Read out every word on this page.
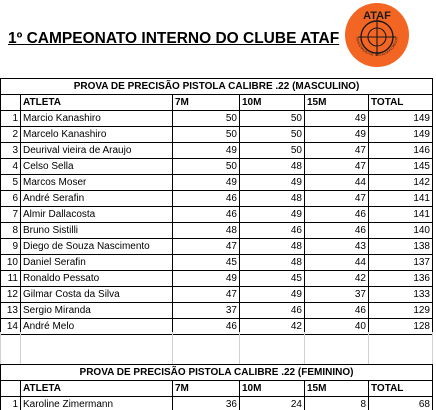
1º CAMPEONATO INTERNO DO CLUBE ATAF
ATAF
ASSOCIAÇÃO DE TIRO ALTA FLORESTA
PROVA DE PRECISÃO PISTOLA CALIBRE .22 (MASCULINO)					
	ATLETA	7M	10M	15M	TOTAL
1	Marcio Kanashiro	50	50	49	149
2	Marcelo Kanashiro	50	50	49	149
3	Deurival vieira de Araujo	49	50	47	146
4	Celso Sella	50	48	47	145
5	Marcos Moser	49	49	44	142
6	André Serafin	46	48	47	141
7	Almir Dallacosta	46	49	46	141
8	Bruno Sistilli	48	46	46	140
9	Diego de Souza Nascimento	47	48	43	138
10	Daniel Serafin	45	48	44	137
11	Ronaldo Pessato	49	45	42	136
12	Gilmar Costa da Silva	47	49	37	133
13	Sergio Miranda	37	46	46	129
14	André Melo	46	42	40	128
PROVA DE PRECISÃO PISTOLA CALIBRE .22 (FEMININO)					
	ATLETA	7M	10M	15M	TOTAL
1	Karoline Zimermann	36	24	8	68
